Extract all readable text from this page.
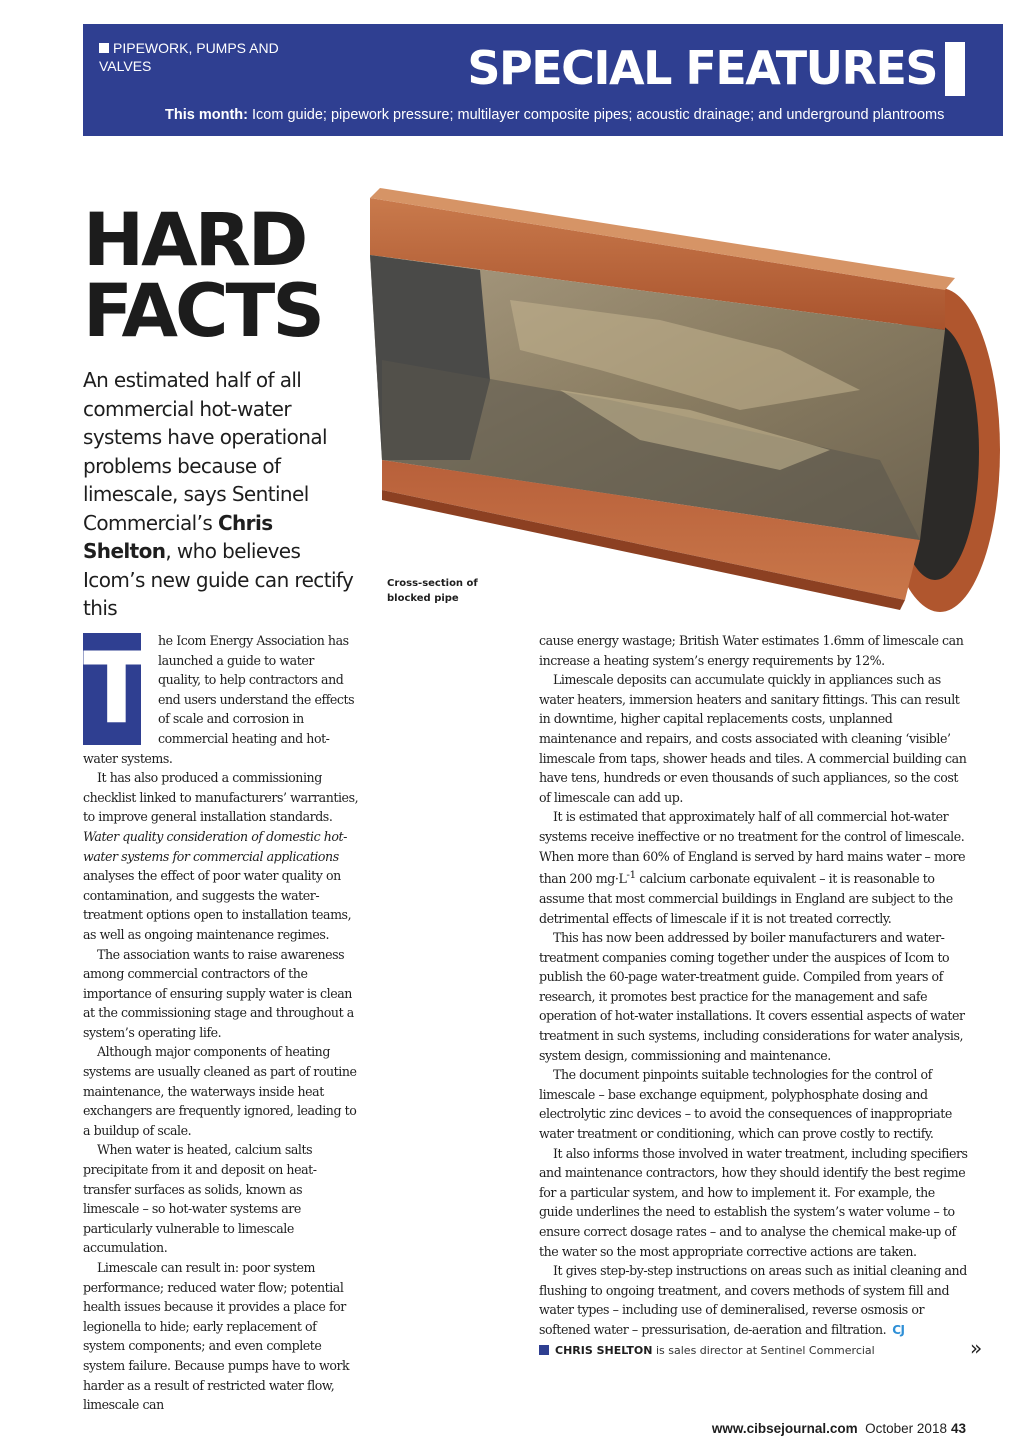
PIPEWORK, PUMPS AND VALVES	SPECIAL FEATURES
This month: Icom guide; pipework pressure; multilayer composite pipes; acoustic drainage; and underground plantrooms
HARD FACTS

An estimated half of all commercial hot-water systems have operational problems because of limescale, says Sentinel Commercial’s Chris Shelton, who believes Icom’s new guide can rectify this

Cross-section of blocked pipe

T he Icom Energy Association has launched a guide to water quality, to help contractors and end users understand the effects of scale and corrosion in commercial heating and hot-water systems.

It has also produced a commissioning checklist linked to manufacturers’ warranties, to improve general installation standards.

Water quality consideration of domestic hot-water systems for commercial applications analyses the effect of poor water quality on contamination, and suggests the water-treatment options open to installation teams, as well as ongoing maintenance regimes.

The association wants to raise awareness among commercial contractors of the importance of ensuring supply water is clean at the commissioning stage and throughout a system’s operating life.

Although major components of heating systems are usually cleaned as part of routine maintenance, the waterways inside heat exchangers are frequently ignored, leading to a buildup of scale.

When water is heated, calcium salts precipitate from it and deposit on heat-transfer surfaces as solids, known as limescale – so hot-water systems are particularly vulnerable to limescale accumulation.

Limescale can result in: poor system performance; reduced water flow; potential health issues because it provides a place for legionella to hide; early replacement of system components; and even complete system failure. Because pumps have to work harder as a result of restricted water flow, limescale can

cause energy wastage; British Water estimates 1.6mm of limescale can increase a heating system’s energy requirements by 12%.

Limescale deposits can accumulate quickly in appliances such as water heaters, immersion heaters and sanitary fittings. This can result in downtime, higher capital replacements costs, unplanned maintenance and repairs, and costs associated with cleaning ‘visible’ limescale from taps, shower heads and tiles. A commercial building can have tens, hundreds or even thousands of such appliances, so the cost of limescale can add up.

It is estimated that approximately half of all commercial hot-water systems receive ineffective or no treatment for the control of limescale. When more than 60% of England is served by hard mains water – more than 200 $mg\cdot L^{-1}$ calcium carbonate equivalent – it is reasonable to assume that most commercial buildings in England are subject to the detrimental effects of limescale if it is not treated correctly.

This has now been addressed by boiler manufacturers and water-treatment companies coming together under the auspices of Icom to publish the 60-page water-treatment guide. Compiled from years of research, it promotes best practice for the management and safe operation of hot-water installations. It covers essential aspects of water treatment in such systems, including considerations for water analysis, system design, commissioning and maintenance.

The document pinpoints suitable technologies for the control of limescale – base exchange equipment, polyphosphate dosing and electrolytic zinc devices – to avoid the consequences of inappropriate water treatment or conditioning, which can prove costly to rectify.

It also informs those involved in water treatment, including specifiers and maintenance contractors, how they should identify the best regime for a particular system, and how to implement it. For example, the guide underlines the need to establish the system’s water volume – to ensure correct dosage rates – and to analyse the chemical make-up of the water so the most appropriate corrective actions are taken.

It gives step-by-step instructions on areas such as initial cleaning and flushing to ongoing treatment, and covers methods of system fill and water types – including use of demineralised, reverse osmosis or softened water – pressurisation, de-aeration and filtration. CJ

CHRIS SHELTON is sales director at Sentinel Commercial	»
www.cibsejournal.com October 2018 43
